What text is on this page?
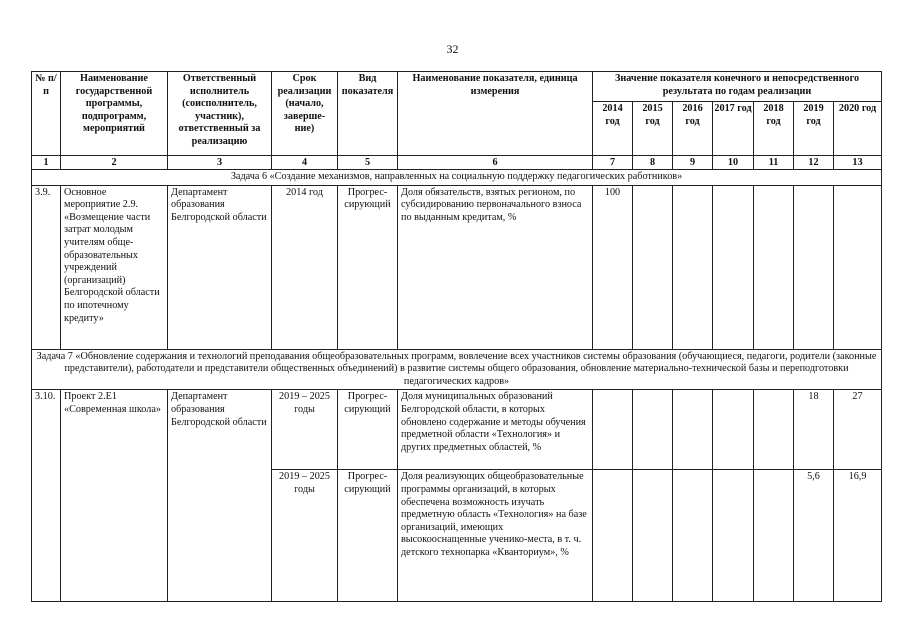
32
№ п/п	Наименование государственной программы, подпрограмм, мероприятий	Ответственный исполнитель (соисполнитель, участник), ответственный за реализацию	Срок реализации (начало, заверше-ние)	Вид показателя	Наименование показателя, единица измерения	Значение показателя конечного и непосредственного результата по годам реализации						
						2014 год	2015 год	2016 год	2017 год	2018 год	2019 год	2020 год
1	2	3	4	5	6	7	8	9	10	11	12	13
Задача 6 «Создание механизмов, направленных на социальную поддержку педагогических работников»												
3.9.	Основное мероприятие 2.9. «Возмещение части затрат молодым учителям обще-образовательных учреждений (организаций) Белгородской области по ипотечному кредиту»	Департамент образования Белгородской области	2014 год	Прогрес-сирующий	Доля обязательств, взятых регионом, по субсидированию первоначального взноса по выданным кредитам, %	100						
Задача 7 «Обновление содержания и технологий преподавания общеобразовательных программ, вовлечение всех участников системы образования (обучающиеся, педагоги, родители (законные представители), работодатели и представители общественных объединений) в развитие системы общего образования, обновление материально-технической базы и переподготовки педагогических кадров»												
3.10.	Проект 2.Е1 «Современная школа»	Департамент образования Белгородской области	2019 – 2025 годы	Прогрес-сирующий	Доля муниципальных образований Белгородской области, в которых обновлено содержание и методы обучения предметной области «Технология» и других предметных областей, %						18	27
			2019 – 2025 годы	Прогрес-сирующий	Доля реализующих общеобразовательные программы организаций, в которых обеспечена возможность изучать предметную область «Технология» на базе организаций, имеющих высокооснащенные ученико-места, в т. ч. детского технопарка «Кванториум», %						5,6	16,9
